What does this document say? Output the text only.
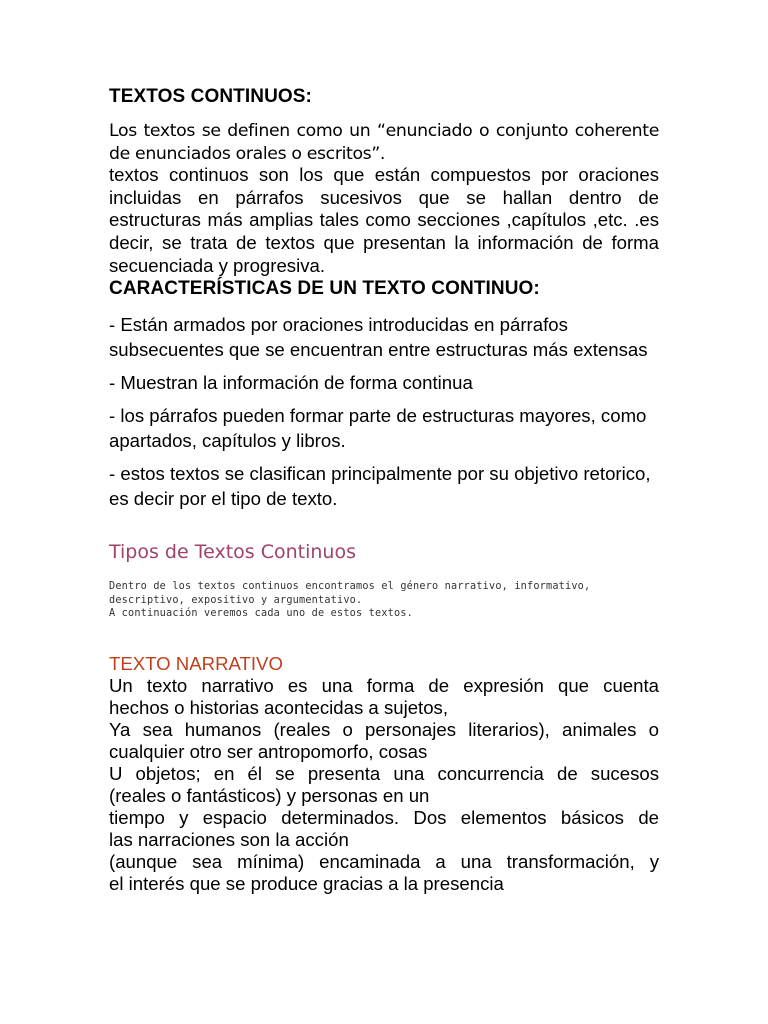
TEXTOS CONTINUOS:

Los textos se definen como un “enunciado o conjunto coherente de enunciados orales o escritos”.

textos continuos son los que están compuestos por oraciones incluidas en párrafos sucesivos que se hallan dentro de estructuras más amplias tales como secciones ,capítulos ,etc. .es decir, se trata de textos que presentan la información de forma secuenciada y progresiva.

CARACTERÍSTICAS DE UN TEXTO CONTINUO:
- Están armados por oraciones introducidas en párrafos subsecuentes que se encuentran entre estructuras más extensas
- Muestran la información de forma continua
- los párrafos pueden formar parte de estructuras mayores, como apartados, capítulos y libros.
- estos textos se clasifican principalmente por su objetivo retorico, es decir por el tipo de texto.
Tipos de Textos Continuos
Dentro de los textos continuos encontramos el género narrativo, informativo, descriptivo, expositivo y argumentativo.
A continuación veremos cada uno de estos textos.
TEXTO NARRATIVO
Un texto narrativo es una forma de expresión que cuenta
hechos o historias acontecidas a sujetos,
Ya sea humanos (reales o personajes literarios), animales o
cualquier otro ser antropomorfo, cosas
U objetos; en él se presenta una concurrencia de sucesos
(reales o fantásticos) y personas en un
tiempo y espacio determinados. Dos elementos básicos de
las narraciones son la acción
(aunque sea mínima) encaminada a una transformación, y
el interés que se produce gracias a la presencia
